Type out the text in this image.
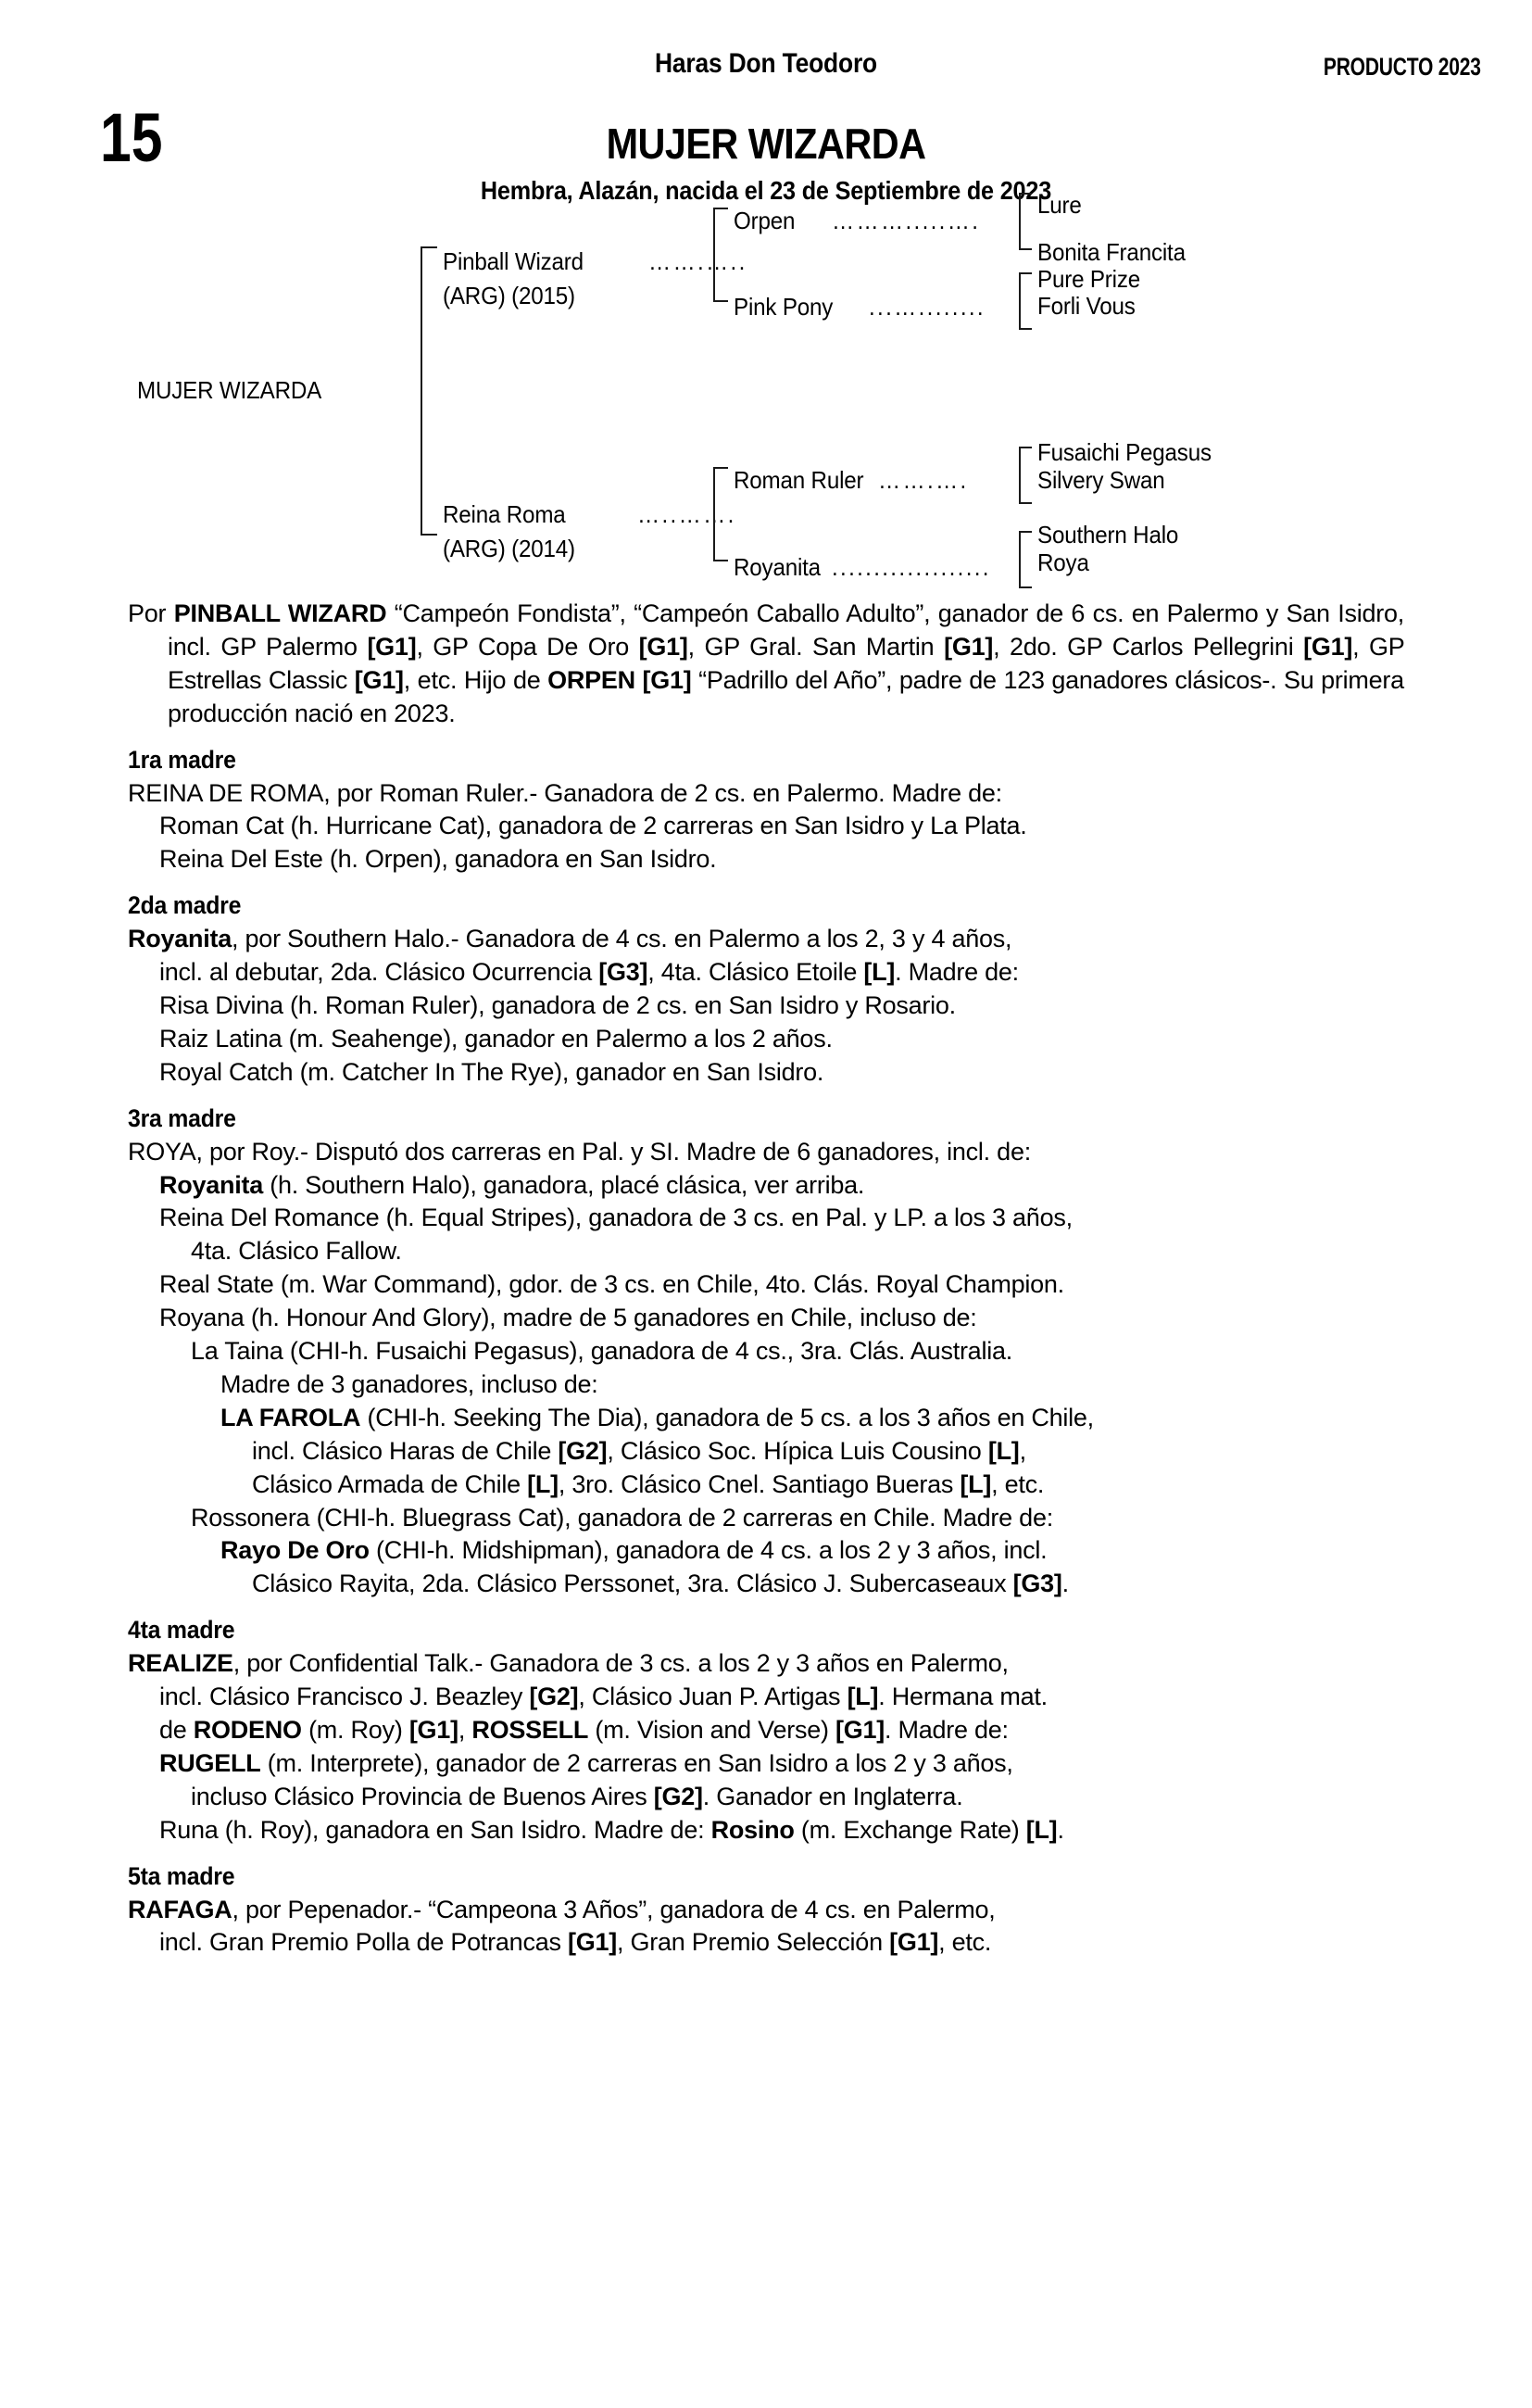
Haras Don Teodoro	PRODUCTO 2023
15	MUJER WIZARDA
Hembra, Alazán, nacida el 23 de Septiembre de 2023
MUJER WIZARDA
Pinball Wizard	…….…..
(ARG) (2015)
Reina Roma	…..…….
(ARG) (2014)
Orpen ……….....….
Pink Pony ...…........
Roman Ruler …….….
Royanita ...................
Lure
Bonita Francita
Pure Prize
Forli Vous
Fusaichi Pegasus
Silvery Swan
Southern Halo
Roya
Por PINBALL WIZARD “Campeón Fondista”, “Campeón Caballo Adulto”, ganador de 6 cs. en Palermo y San Isidro, incl. GP Palermo [G1], GP Copa De Oro [G1], GP Gral. San Martin [G1], 2do. GP Carlos Pellegrini [G1], GP Estrellas Classic [G1], etc. Hijo de ORPEN [G1] “Padrillo del Año”, padre de 123 ganadores clásicos-. Su primera producción nació en 2023.
1ra madre
REINA DE ROMA, por Roman Ruler.- Ganadora de 2 cs. en Palermo. Madre de:
Roman Cat (h. Hurricane Cat), ganadora de 2 carreras en San Isidro y La Plata.
Reina Del Este (h. Orpen), ganadora en San Isidro.
2da madre
Royanita, por Southern Halo.- Ganadora de 4 cs. en Palermo a los 2, 3 y 4 años,
incl. al debutar, 2da. Clásico Ocurrencia [G3], 4ta. Clásico Etoile [L]. Madre de:
Risa Divina (h. Roman Ruler), ganadora de 2 cs. en San Isidro y Rosario.
Raiz Latina (m. Seahenge), ganador en Palermo a los 2 años.
Royal Catch (m. Catcher In The Rye), ganador en San Isidro.
3ra madre
ROYA, por Roy.- Disputó dos carreras en Pal. y SI. Madre de 6 ganadores, incl. de:
Royanita (h. Southern Halo), ganadora, placé clásica, ver arriba.
Reina Del Romance (h. Equal Stripes), ganadora de 3 cs. en Pal. y LP. a los 3 años,
4ta. Clásico Fallow.
Real State (m. War Command), gdor. de 3 cs. en Chile, 4to. Clás. Royal Champion.
Royana (h. Honour And Glory), madre de 5 ganadores en Chile, incluso de:
La Taina (CHI-h. Fusaichi Pegasus), ganadora de 4 cs., 3ra. Clás. Australia.
Madre de 3 ganadores, incluso de:
LA FAROLA (CHI-h. Seeking The Dia), ganadora de 5 cs. a los 3 años en Chile,
incl. Clásico Haras de Chile [G2], Clásico Soc. Hípica Luis Cousino [L],
Clásico Armada de Chile [L], 3ro. Clásico Cnel. Santiago Bueras [L], etc.
Rossonera (CHI-h. Bluegrass Cat), ganadora de 2 carreras en Chile. Madre de:
Rayo De Oro (CHI-h. Midshipman), ganadora de 4 cs. a los 2 y 3 años, incl.
Clásico Rayita, 2da. Clásico Perssonet, 3ra. Clásico J. Subercaseaux [G3].
4ta madre
REALIZE, por Confidential Talk.- Ganadora de 3 cs. a los 2 y 3 años en Palermo,
incl. Clásico Francisco J. Beazley [G2], Clásico Juan P. Artigas [L]. Hermana mat.
de RODENO (m. Roy) [G1], ROSSELL (m. Vision and Verse) [G1]. Madre de:
RUGELL (m. Interprete), ganador de 2 carreras en San Isidro a los 2 y 3 años,
incluso Clásico Provincia de Buenos Aires [G2]. Ganador en Inglaterra.
Runa (h. Roy), ganadora en San Isidro. Madre de: Rosino (m. Exchange Rate) [L].
5ta madre
RAFAGA, por Pepenador.- “Campeona 3 Años”, ganadora de 4 cs. en Palermo,
incl. Gran Premio Polla de Potrancas [G1], Gran Premio Selección [G1], etc.
